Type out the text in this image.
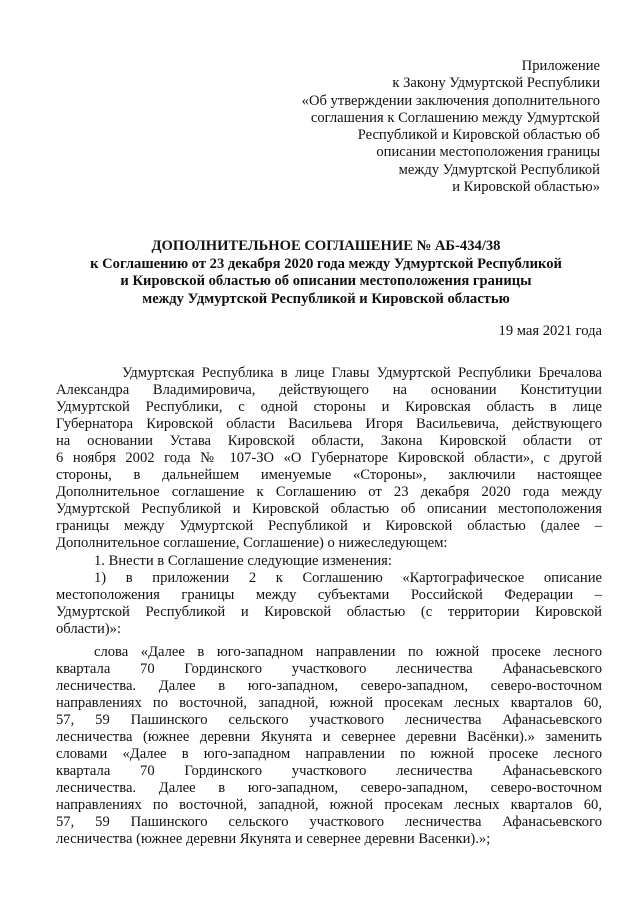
Приложение
к Закону Удмуртской Республики
«Об утверждении заключения дополнительного
соглашения к Соглашению между Удмуртской
Республикой и Кировской областью об
описании местоположения границы
между Удмуртской Республикой
и Кировской областью»
ДОПОЛНИТЕЛЬНОЕ СОГЛАШЕНИЕ № АБ-434/38
к Соглашению от 23 декабря 2020 года между Удмуртской Республикой
и Кировской областью об описании местоположения границы
между Удмуртской Республикой и Кировской областью
19 мая 2021 года
Удмуртская Республика в лице Главы Удмуртской Республики Бречалова
Александра Владимировича, действующего на основании Конституции
Удмуртской Республики, с одной стороны и Кировская область в лице
Губернатора Кировской области Васильева Игоря Васильевича, действующего
на основании Устава Кировской области, Закона Кировской области от
6 ноября 2002 года № 107-ЗО «О Губернаторе Кировской области», с другой
стороны, в дальнейшем именуемые «Стороны», заключили настоящее
Дополнительное соглашение к Соглашению от 23 декабря 2020 года между
Удмуртской Республикой и Кировской областью об описании местоположения
границы между Удмуртской Республикой и Кировской областью (далее –
Дополнительное соглашение, Соглашение) о нижеследующем:
1. Внести в Соглашение следующие изменения:
1) в приложении 2 к Соглашению «Картографическое описание
местоположения границы между субъектами Российской Федерации –
Удмуртской Республикой и Кировской областью (с территории Кировской
области)»:
слова «Далее в юго-западном направлении по южной просеке лесного
квартала 70 Гординского участкового лесничества Афанасьевского
лесничества. Далее в юго-западном, северо-западном, северо-восточном
направлениях по восточной, западной, южной просекам лесных кварталов 60,
57, 59 Пашинского сельского участкового лесничества Афанасьевского
лесничества (южнее деревни Якунята и севернее деревни Васёнки).» заменить
словами «Далее в юго-западном направлении по южной просеке лесного
квартала 70 Гординского участкового лесничества Афанасьевского
лесничества. Далее в юго-западном, северо-западном, северо-восточном
направлениях по восточной, западной, южной просекам лесных кварталов 60,
57, 59 Пашинского сельского участкового лесничества Афанасьевского
лесничества (южнее деревни Якунята и севернее деревни Васенки).»;
